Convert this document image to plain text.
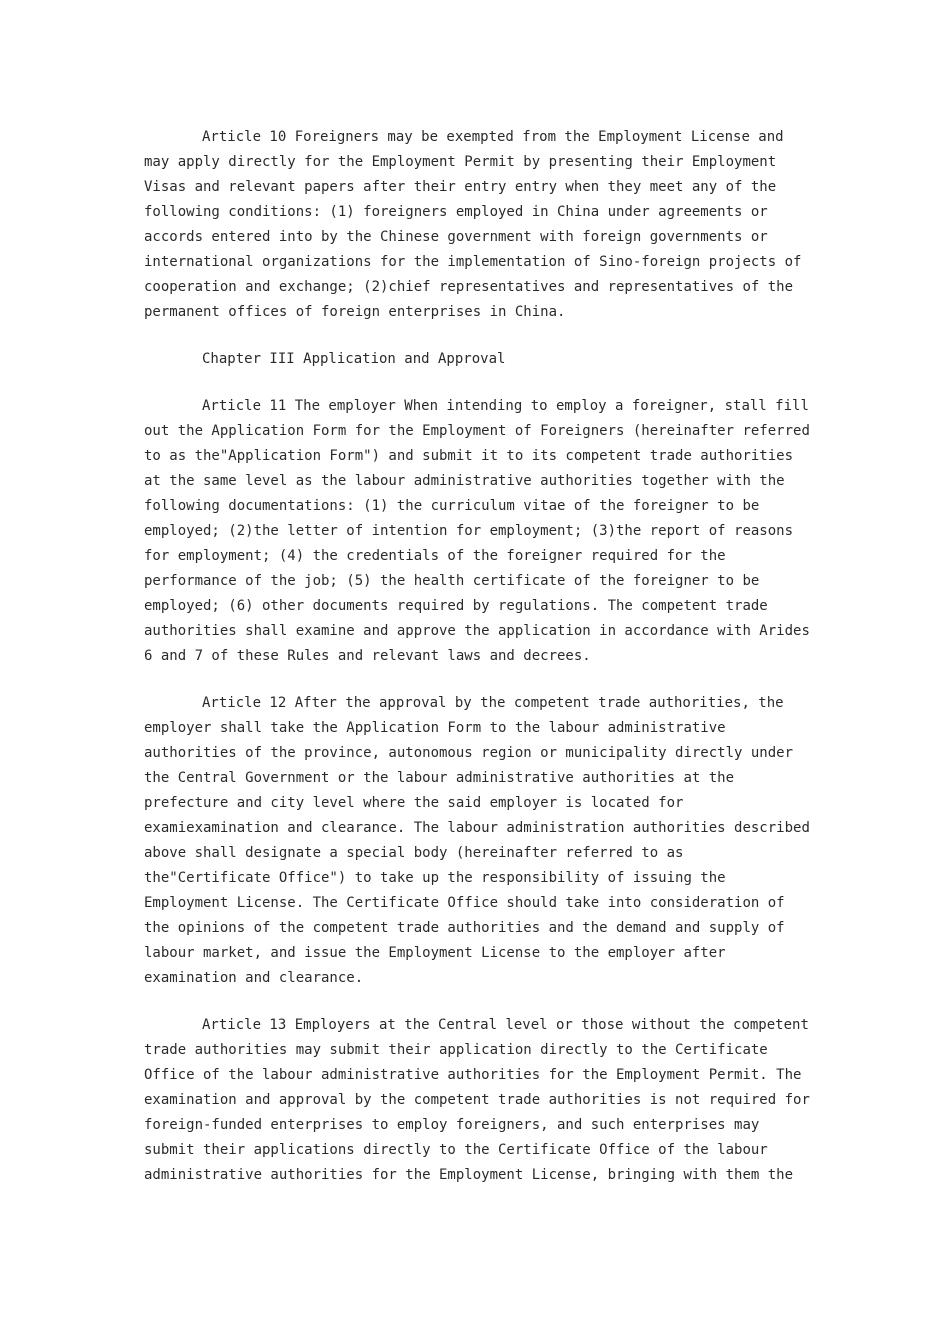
Article 10 Foreigners may be exempted from the Employment License and may apply directly for the Employment Permit by presenting their Employment Visas and relevant papers after their entry entry when they meet any of the following conditions: (1) foreigners employed in China under agreements or accords entered into by the Chinese government with foreign governments or international organizations for the implementation of Sino-foreign projects of cooperation and exchange; (2)chief representatives and representatives of the permanent offices of foreign enterprises in China.

Chapter III Application and Approval

Article 11 The employer When intending to employ a foreigner, stall fill out the Application Form for the Employment of Foreigners (hereinafter referred to as the"Application Form") and submit it to its competent trade authorities at the same level as the labour administrative authorities together with the following documentations: (1) the curriculum vitae of the foreigner to be employed; (2)the letter of intention for employment; (3)the report of reasons for employment; (4) the credentials of the foreigner required for the performance of the job; (5) the health certificate of the foreigner to be employed; (6) other documents required by regulations. The competent trade authorities shall examine and approve the application in accordance with Arides 6 and 7 of these Rules and relevant laws and decrees.

Article 12 After the approval by the competent trade authorities, the employer shall take the Application Form to the labour administrative authorities of the province, autonomous region or municipality directly under the Central Government or the labour administrative authorities at the prefecture and city level where the said employer is located for examiexamination and clearance. The labour administration authorities described above shall designate a special body (hereinafter referred to as the"Certificate Office") to take up the responsibility of issuing the Employment License. The Certificate Office should take into consideration of the opinions of the competent trade authorities and the demand and supply of labour market, and issue the Employment License to the employer after examination and clearance.

Article 13 Employers at the Central level or those without the competent trade authorities may submit their application directly to the Certificate Office of the labour administrative authorities for the Employment Permit. The examination and approval by the competent trade authorities is not required for foreign-funded enterprises to employ foreigners, and such enterprises may submit their applications directly to the Certificate Office of the labour administrative authorities for the Employment License, bringing with them the
